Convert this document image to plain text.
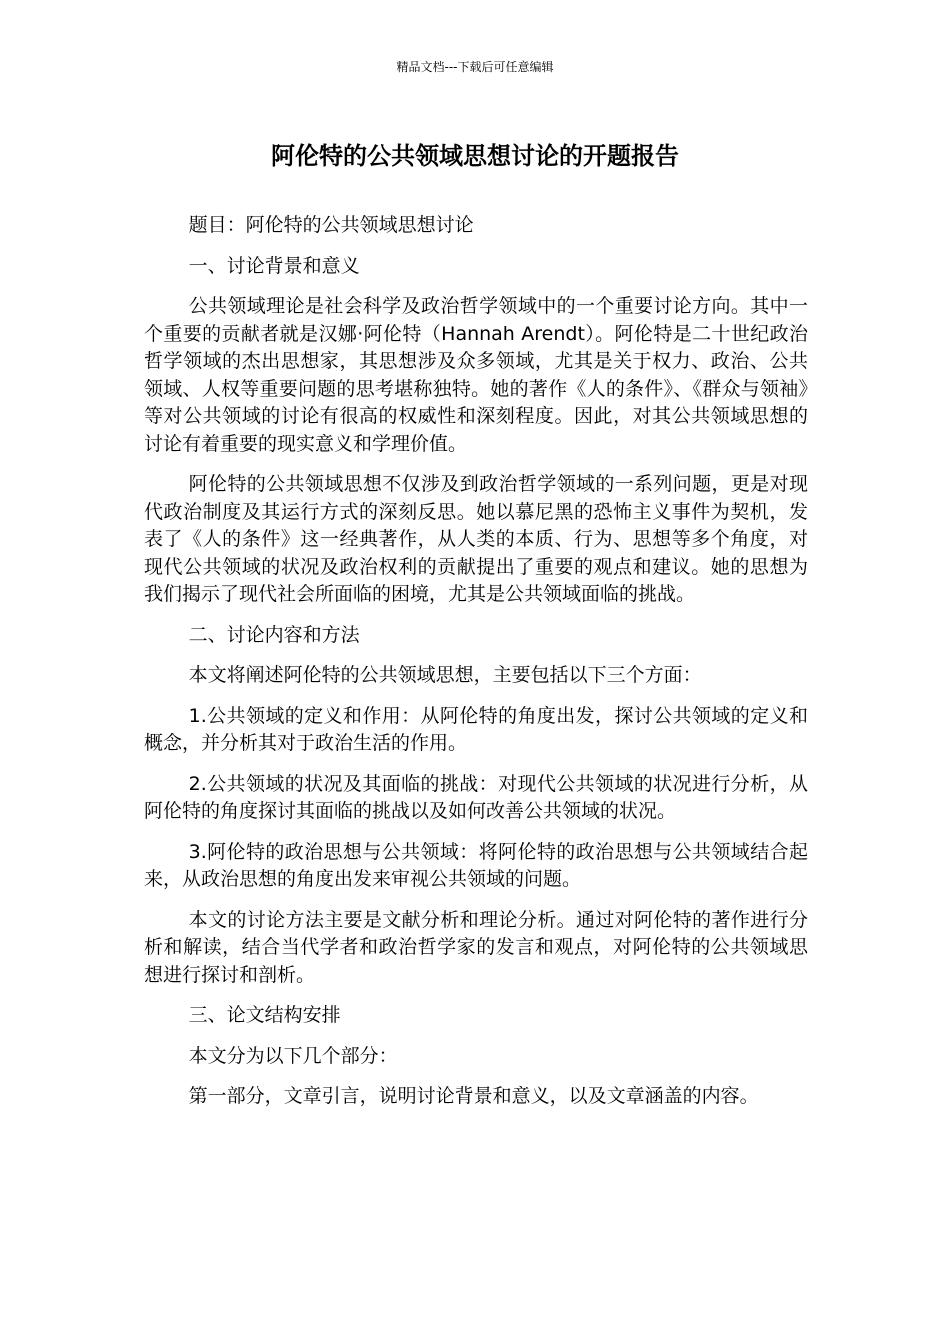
精品文档---下载后可任意编辑
阿伦特的公共领域思想讨论的开题报告

题目：阿伦特的公共领域思想讨论

一、讨论背景和意义

公共领域理论是社会科学及政治哲学领域中的一个重要讨论方向。其中一个重要的贡献者就是汉娜·阿伦特（Hannah Arendt）。阿伦特是二十世纪政治哲学领域的杰出思想家，其思想涉及众多领域，尤其是关于权力、政治、公共领域、人权等重要问题的思考堪称独特。她的著作《人的条件》、《群众与领袖》等对公共领域的讨论有很高的权威性和深刻程度。因此，对其公共领域思想的讨论有着重要的现实意义和学理价值。

阿伦特的公共领域思想不仅涉及到政治哲学领域的一系列问题，更是对现代政治制度及其运行方式的深刻反思。她以慕尼黑的恐怖主义事件为契机，发表了《人的条件》这一经典著作，从人类的本质、行为、思想等多个角度，对现代公共领域的状况及政治权利的贡献提出了重要的观点和建议。她的思想为我们揭示了现代社会所面临的困境，尤其是公共领域面临的挑战。

二、讨论内容和方法

本文将阐述阿伦特的公共领域思想，主要包括以下三个方面：

1.公共领域的定义和作用：从阿伦特的角度出发，探讨公共领域的定义和概念，并分析其对于政治生活的作用。

2.公共领域的状况及其面临的挑战：对现代公共领域的状况进行分析，从阿伦特的角度探讨其面临的挑战以及如何改善公共领域的状况。

3.阿伦特的政治思想与公共领域：将阿伦特的政治思想与公共领域结合起来，从政治思想的角度出发来审视公共领域的问题。

本文的讨论方法主要是文献分析和理论分析。通过对阿伦特的著作进行分析和解读，结合当代学者和政治哲学家的发言和观点，对阿伦特的公共领域思想进行探讨和剖析。

三、论文结构安排

本文分为以下几个部分：

第一部分，文章引言，说明讨论背景和意义，以及文章涵盖的内容。
